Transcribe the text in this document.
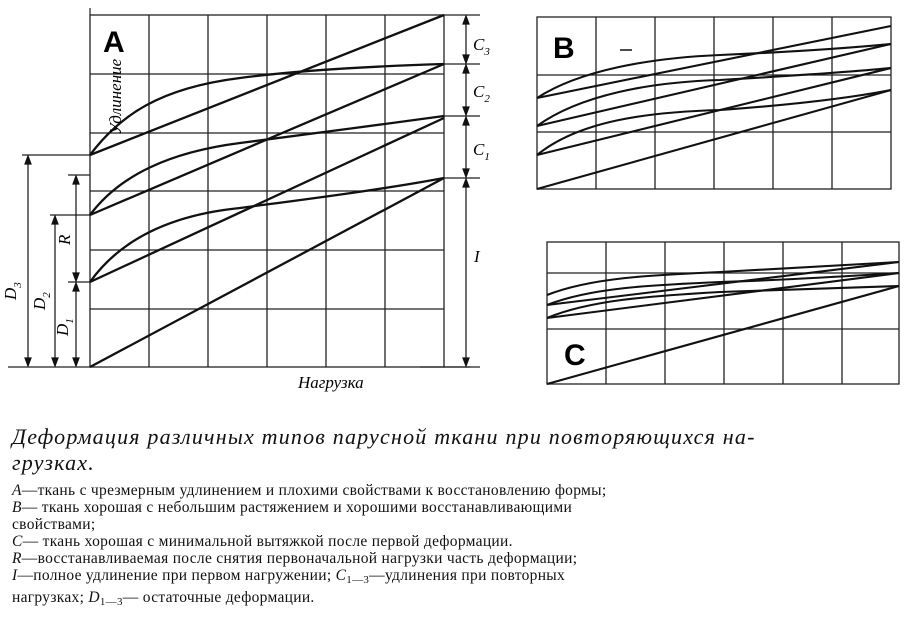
A
Удлинение
Нагрузка
$C_3$
$C_2$
$C_1$
I
$D_3$
$D_2$
$D_1$
R
B
C

Деформация различных типов парусной ткани при повторяющихся на-
грузках.

A—ткань с чрезмерным удлинением и плохими свойствами к восстановлению формы;

B— ткань хорошая с небольшим растяжением и хорошими восстанавливающими

свойствами;

C— ткань хорошая с минимальной вытяжкой после первой деформации.

R—восстанавливаемая после снятия первоначальной нагрузки часть деформации;

I—полное удлинение при первом нагружении; $C_{1—3}—удлинения$ при повторных

нагрузках; $D_{1—3}—$ остаточные деформации.
